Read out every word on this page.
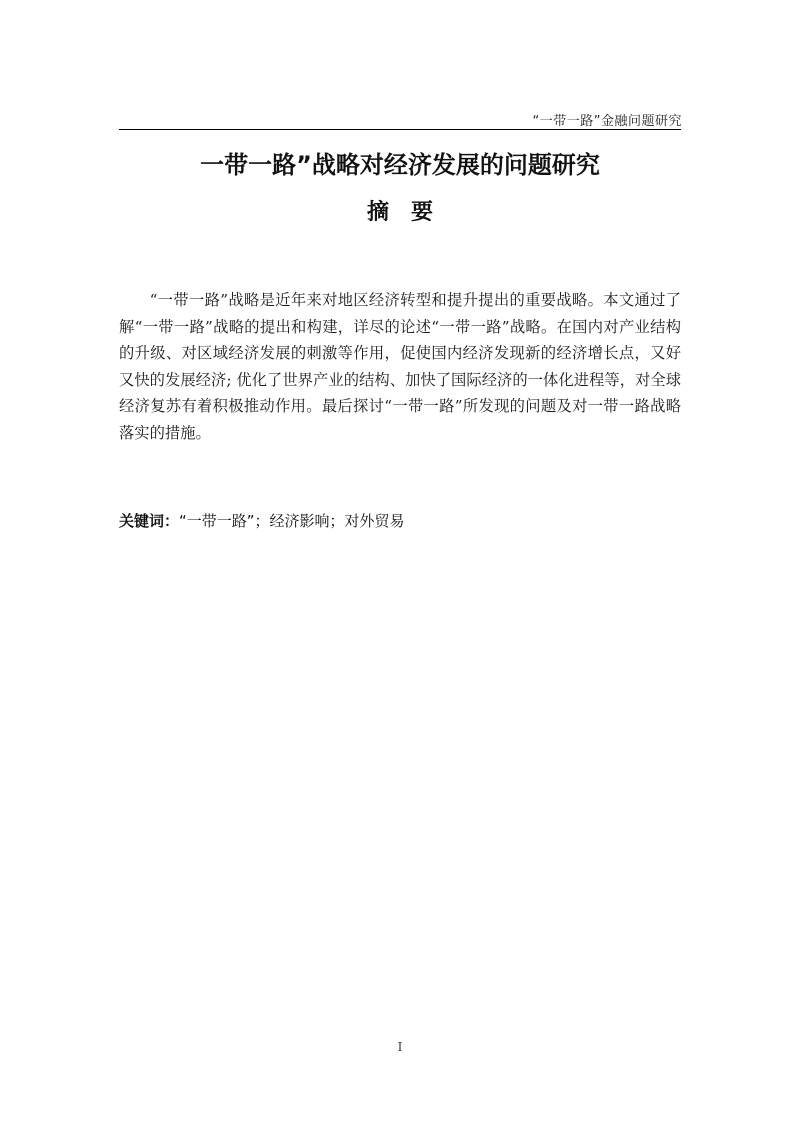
“一带一路”金融问题研究
一带一路”战略对经济发展的问题研究
摘要

“一带一路”战略是近年来对地区经济转型和提升提出的重要战略。本文通过了解“一带一路”战略的提出和构建，详尽的论述“一带一路”战略。在国内对产业结构的升级、对区域经济发展的刺激等作用，促使国内经济发现新的经济增长点，又好又快的发展经济; 优化了世界产业的结构、加快了国际经济的一体化进程等，对全球经济复苏有着积极推动作用。最后探讨“一带一路”所发现的问题及对一带一路战略落实的措施。

关键词：“一带一路”；经济影响；对外贸易
I
